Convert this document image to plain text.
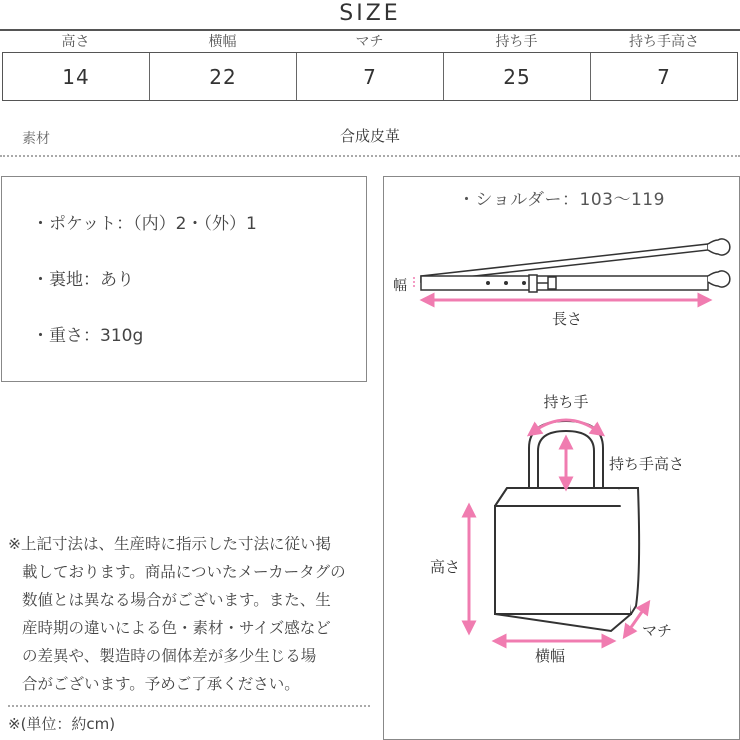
SIZE
高さ	横幅	マチ	持ち手	持ち手高さ
14	22	7	25	7
素材	合成皮革
・ポケット：（内）2・（外）1
・裏地：あり
・重さ：310g
※上記寸法は、生産時に指示した寸法に従い掲
載しております。商品についたメーカータグの
数値とは異なる場合がございます。また、生
産時期の違いによる色・素材・サイズ感など
の差異や、製造時の個体差が多少生じる場
合がございます。予めご了承ください。
※(単位：約cm)
・ショルダー：103〜119
幅
長さ
持ち手
持ち手高さ
高さ
横幅
マチ
